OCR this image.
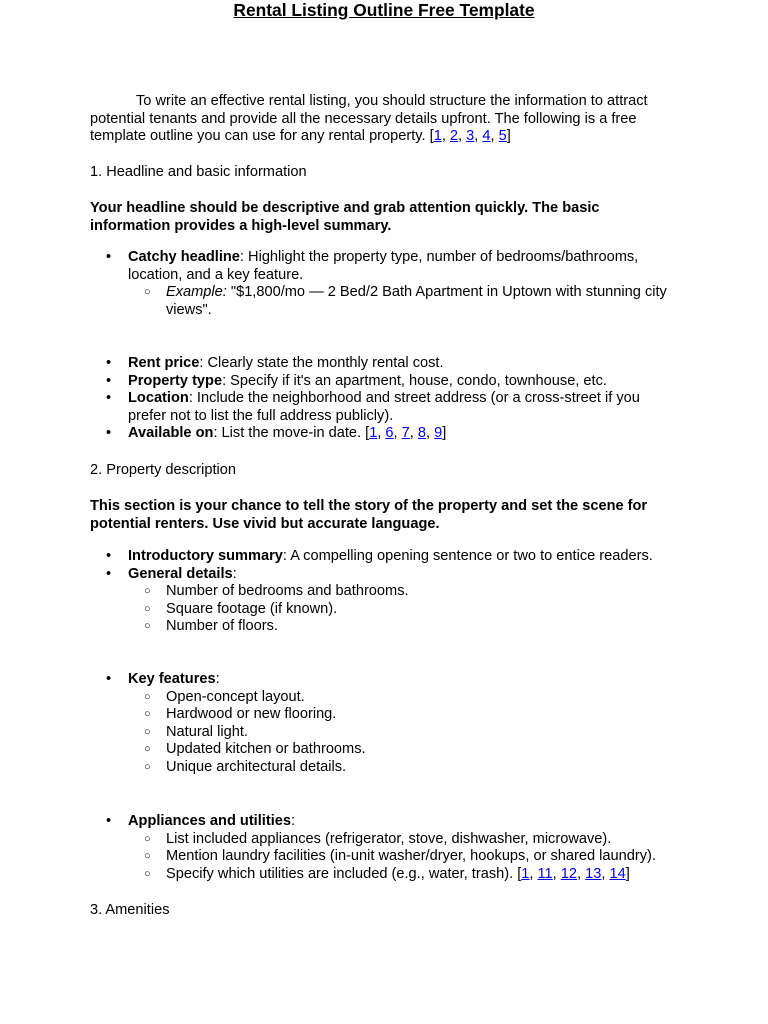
Rental Listing Outline Free Template
To write an effective rental listing, you should structure the information to attract potential tenants and provide all the necessary details upfront. The following is a free template outline you can use for any rental property. [1, 2, 3, 4, 5]
1. Headline and basic information
Your headline should be descriptive and grab attention quickly. The basic information provides a high-level summary.
•	Catchy headline: Highlight the property type, number of bedrooms/bathrooms, location, and a key feature.
○ Example: "$1,800/mo — 2 Bed/2 Bath Apartment in Uptown with stunning city views".
•	Rent price: Clearly state the monthly rental cost.
•	Property type: Specify if it's an apartment, house, condo, townhouse, etc.
•	Location: Include the neighborhood and street address (or a cross-street if you prefer not to list the full address publicly).
•	Available on: List the move-in date. [1, 6, 7, 8, 9]
2. Property description
This section is your chance to tell the story of the property and set the scene for potential renters. Use vivid but accurate language.
•	Introductory summary: A compelling opening sentence or two to entice readers.
•	General details:
○ Number of bedrooms and bathrooms.
○ Square footage (if known).
○ Number of floors.
•	Key features:
○ Open-concept layout.
○ Hardwood or new flooring.
○ Natural light.
○ Updated kitchen or bathrooms.
○ Unique architectural details.
•	Appliances and utilities:
○ List included appliances (refrigerator, stove, dishwasher, microwave).
○ Mention laundry facilities (in-unit washer/dryer, hookups, or shared laundry).
○ Specify which utilities are included (e.g., water, trash). [1, 11, 12, 13, 14]
3. Amenities
